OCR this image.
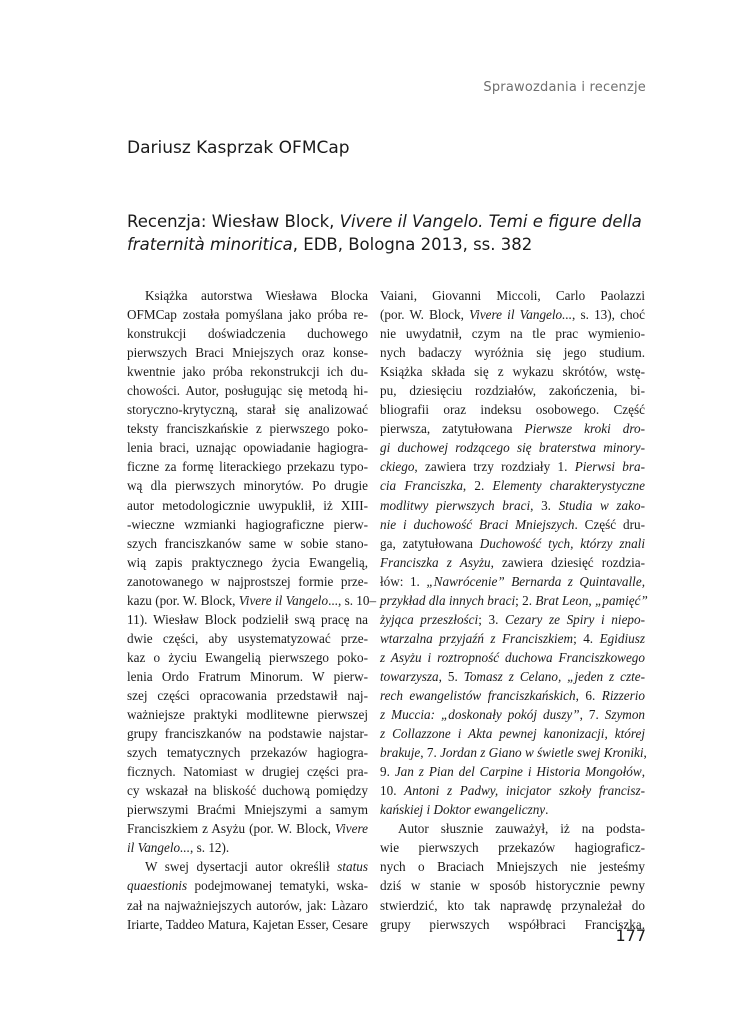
Sprawozdania i recenzje
Dariusz Kasprzak OFMCap
Recenzja: Wiesław Block, Vivere il Vangelo. Temi e figure della
fraternità minoritica, EDB, Bologna 2013, ss. 382
Książka autorstwa Wiesława Blocka
OFMCap została pomyślana jako próba re-
konstrukcji doświadczenia duchowego
pierwszych Braci Mniejszych oraz konse-
kwentnie jako próba rekonstrukcji ich du-
chowości. Autor, posługując się metodą hi-
storyczno-krytyczną, starał się analizować
teksty franciszkańskie z pierwszego poko-
lenia braci, uznając opowiadanie hagiogra-
ficzne za formę literackiego przekazu typo-
wą dla pierwszych minorytów. Po drugie
autor metodologicznie uwypuklił, iż XIII-
-wieczne wzmianki hagiograficzne pierw-
szych franciszkanów same w sobie stano-
wią zapis praktycznego życia Ewangelią,
zanotowanego w najprostszej formie prze-
kazu (por. W. Block, Vivere il Vangelo..., s. 10–
11). Wiesław Block podzielił swą pracę na
dwie części, aby usystematyzować prze-
kaz o życiu Ewangelią pierwszego poko-
lenia Ordo Fratrum Minorum. W pierw-
szej części opracowania przedstawił naj-
ważniejsze praktyki modlitewne pierwszej
grupy franciszkanów na podstawie najstar-
szych tematycznych przekazów hagiogra-
ficznych. Natomiast w drugiej części pra-
cy wskazał na bliskość duchową pomiędzy
pierwszymi Braćmi Mniejszymi a samym
Franciszkiem z Asyżu (por. W. Block, Vivere
il Vangelo..., s. 12).
W swej dysertacji autor określił status
quaestionis podejmowanej tematyki, wska-
zał na najważniejszych autorów, jak: Làzaro
Iriarte, Taddeo Matura, Kajetan Esser, Cesare
Vaiani, Giovanni Miccoli, Carlo Paolazzi
(por. W. Block, Vivere il Vangelo..., s. 13), choć
nie uwydatnił, czym na tle prac wymienio-
nych badaczy wyróżnia się jego studium.
Książka składa się z wykazu skrótów, wstę-
pu, dziesięciu rozdziałów, zakończenia, bi-
bliografii oraz indeksu osobowego. Część
pierwsza, zatytułowana Pierwsze kroki dro-
gi duchowej rodzącego się braterstwa minory-
ckiego, zawiera trzy rozdziały 1. Pierwsi bra-
cia Franciszka, 2. Elementy charakterystyczne
modlitwy pierwszych braci, 3. Studia w zako-
nie i duchowość Braci Mniejszych. Część dru-
ga, zatytułowana Duchowość tych, którzy znali
Franciszka z Asyżu, zawiera dziesięć rozdzia-
łów: 1. „Nawrócenie” Bernarda z Quintavalle,
przykład dla innych braci; 2. Brat Leon, „pamięć”
żyjąca przeszłości; 3. Cezary ze Spiry i niepo-
wtarzalna przyjaźń z Franciszkiem; 4. Egidiusz
z Asyżu i roztropność duchowa Franciszkowego
towarzysza, 5. Tomasz z Celano, „jeden z czte-
rech ewangelistów franciszkańskich, 6. Rizzerio
z Muccia: „doskonały pokój duszy”, 7. Szymon
z Collazzone i Akta pewnej kanonizacji, której
brakuje, 7. Jordan z Giano w świetle swej Kroniki,
9. Jan z Pian del Carpine i Historia Mongołów,
10. Antoni z Padwy, inicjator szkoły francisz-
kańskiej i Doktor ewangeliczny.
Autor słusznie zauważył, iż na podsta-
wie pierwszych przekazów hagiograficz-
nych o Braciach Mniejszych nie jesteśmy
dziś w stanie w sposób historycznie pewny
stwierdzić, kto tak naprawdę przynależał do
grupy pierwszych współbraci Franciszka.
177
